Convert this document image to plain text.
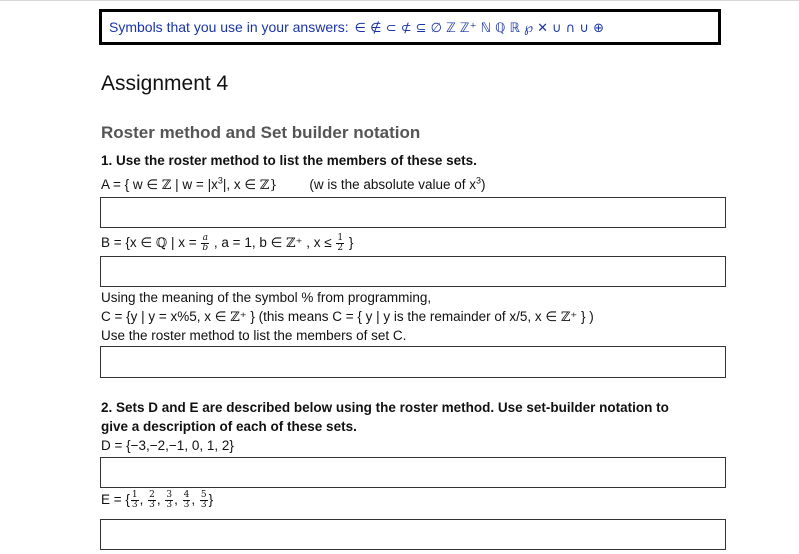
Symbols that you use in your answers: ∈ ∉ ⊂ ⊄ ⊆ ∅ ℤ ℤ⁺ ℕ ℚ ℝ ℘ ✕ ∪ ∩ ∪ ⊕
Assignment 4
Roster method and Set builder notation
1. Use the roster method to list the members of these sets.
A = { w ∈ ℤ | $w = |x^3|$, x ∈ ℤ} (w is the absolute value of $x^3$)
B = {x ∈ ℚ | $x = \frac{a}{b}$ , a = 1, b ∈ ℤ⁺ , $x \le \frac{1}{2}$ }
Using the meaning of the symbol % from programming,
C = {y | y = x%5, x ∈ ℤ⁺ } (this means C = { y | y is the remainder of x/5, x ∈ ℤ⁺ } )
Use the roster method to list the members of set C.
2. Sets D and E are described below using the roster method. Use set-builder notation to
give a description of each of these sets.
D = {−3,−2,−1, 0, 1, 2}
E = { $\frac{1}{3}$ , $\frac{2}{3}$ , $\frac{3}{3}$ , $\frac{4}{3}$ , $\frac{5}{3}$ }
